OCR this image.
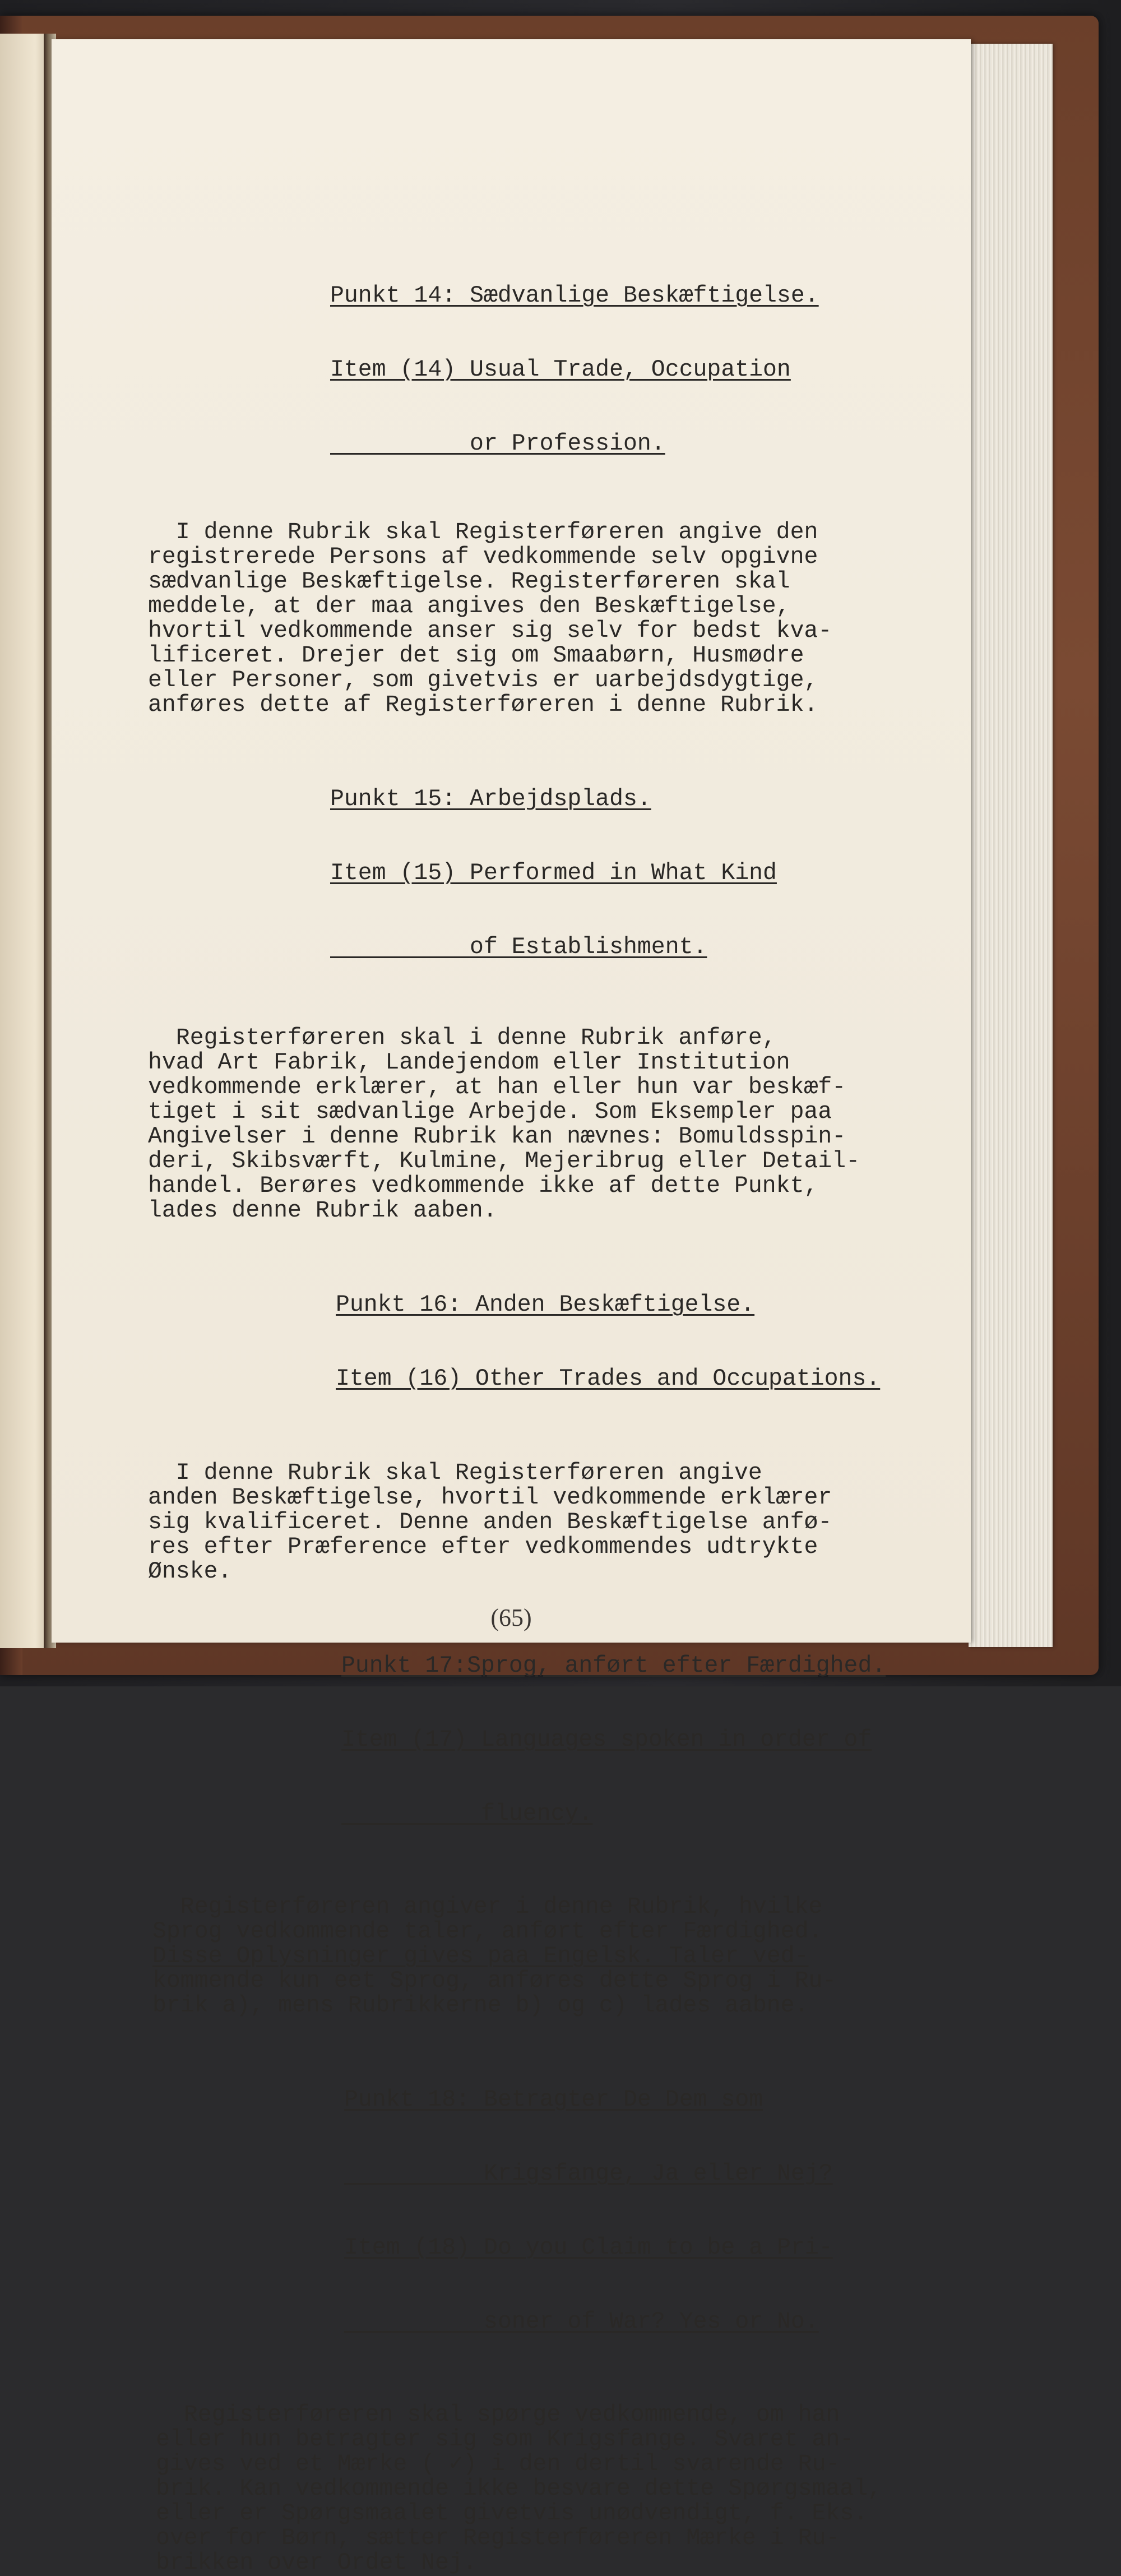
Punkt 14: Sædvanlige Beskæftigelse.

Item (14) Usual Trade, Occupation

or Profession.

I denne Rubrik skal Registerføreren angive den
registrerede Persons af vedkommende selv opgivne
sædvanlige Beskæftigelse. Registerføreren skal
meddele, at der maa angives den Beskæftigelse,
hvortil vedkommende anser sig selv for bedst kva-
lificeret. Drejer det sig om Smaabørn, Husmødre
eller Personer, som givetvis er uarbejdsdygtige,
anføres dette af Registerføreren i denne Rubrik.

Punkt 15: Arbejdsplads.

Item (15) Performed in What Kind

of Establishment.

Registerføreren skal i denne Rubrik anføre,
hvad Art Fabrik, Landejendom eller Institution
vedkommende erklærer, at han eller hun var beskæf-
tiget i sit sædvanlige Arbejde. Som Eksempler paa
Angivelser i denne Rubrik kan nævnes: Bomuldsspin-
deri, Skibsværft, Kulmine, Mejeribrug eller Detail-
handel. Berøres vedkommende ikke af dette Punkt,
lades denne Rubrik aaben.

Punkt 16: Anden Beskæftigelse.

Item (16) Other Trades and Occupations.

I denne Rubrik skal Registerføreren angive
anden Beskæftigelse, hvortil vedkommende erklærer
sig kvalificeret. Denne anden Beskæftigelse anfø-
res efter Præference efter vedkommendes udtrykte
Ønske.

Punkt 17:Sprog, anført efter Færdighed.

Item (17) Languages spoken in order of

fluency.

Registerføreren angiver i denne Rubrik, hvilke
Sprog vedkommende taler, anført efter Færdighed.
Disse Oplysninger gives paa Engelsk. Taler ved-
kommende kun eet Sprog, anføres dette Sprog i Ru-
brik a), mens Rubrikkerne b) og c) lades aabne.

Punkt 18: Betragter De Dem som

Krigsfange, Ja eller Nej?

Item (18) Do you Claim to be a Pri-

soner of War? Yes or No.

Registerføreren skal spørge vedkommende, om han
eller hun betragter sig som Krigsfange. Svaret an-
gives ved et Mærke ( ✓) i den dertil svarende Ru-
brik. Kan vedkommende ikke besvare dette Spørgsmaal,
eller er Spørgsmaalet givetvis unødvendigt, f. Eks.
over for Børn, sætter Registerføreren Mærke i Ru-
brikken over Ordet Nej.
(65)
